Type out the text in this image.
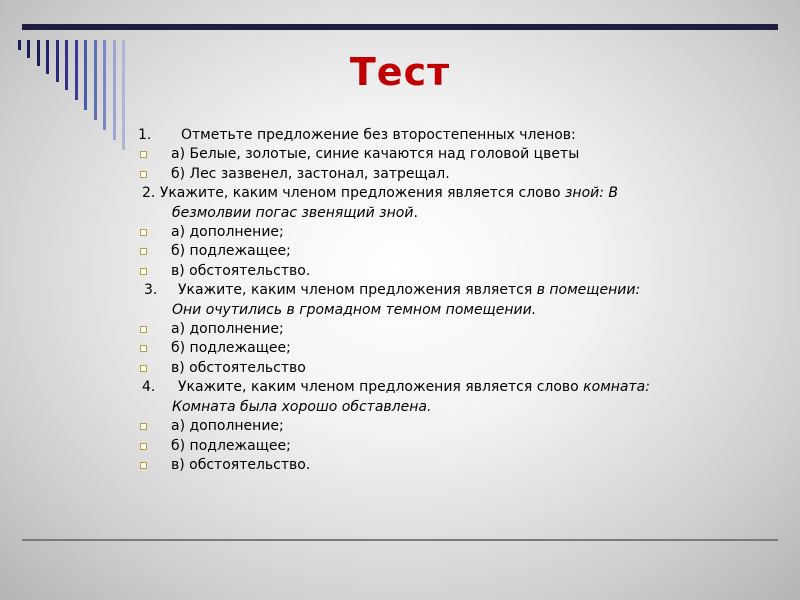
Тест
1. Отметьте предложение без второстепенных членов:
а) Белые, золотые, синие качаются над головой цветы
б) Лес зазвенел, застонал, затрещал.
2. Укажите, каким членом предложения является слово зной: В
безмолвии погас звенящий зной.
а) дополнение;
б) подлежащее;
в) обстоятельство.
3. Укажите, каким членом предложения является в помещении:
Они очутились в громадном темном помещении.
а) дополнение;
б) подлежащее;
в) обстоятельство
4. Укажите, каким членом предложения является слово комната:
Комната была хорошо обставлена.
а) дополнение;
б) подлежащее;
в) обстоятельство.
